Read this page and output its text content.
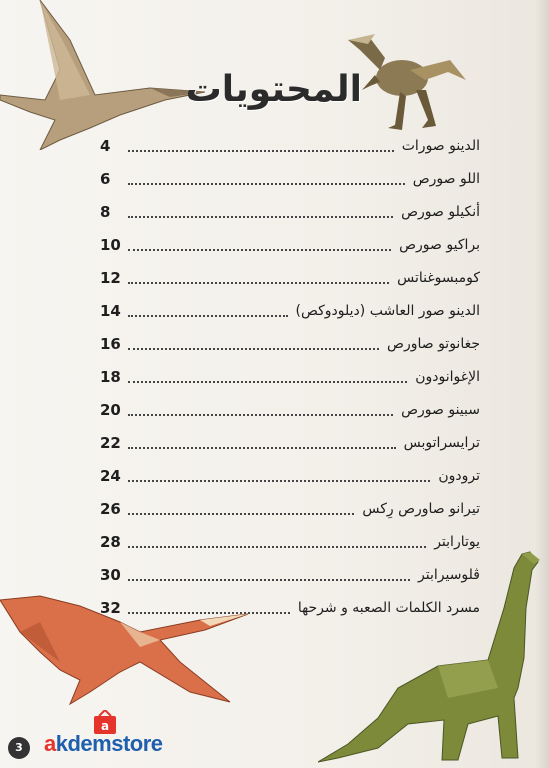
المحتويات
الدينو صورات
4
اللو صورص
6
أنكيلو صورص
8
براكيو صورص
10
كومبسوغناتس
12
الدينو صور العاشب (ديلودوكص)
14
جغانوتو صاورص
16
الإغوانودون
18
سبينو صورص
20
ترايسراتوبس
22
ترودون
24
تيرانو صاورص رِكس
26
يوتارابتر
28
ڤلوسيرابتر
30
مسرد الكلمات الصعبه و شرحها
32
3
a
akdemstore
